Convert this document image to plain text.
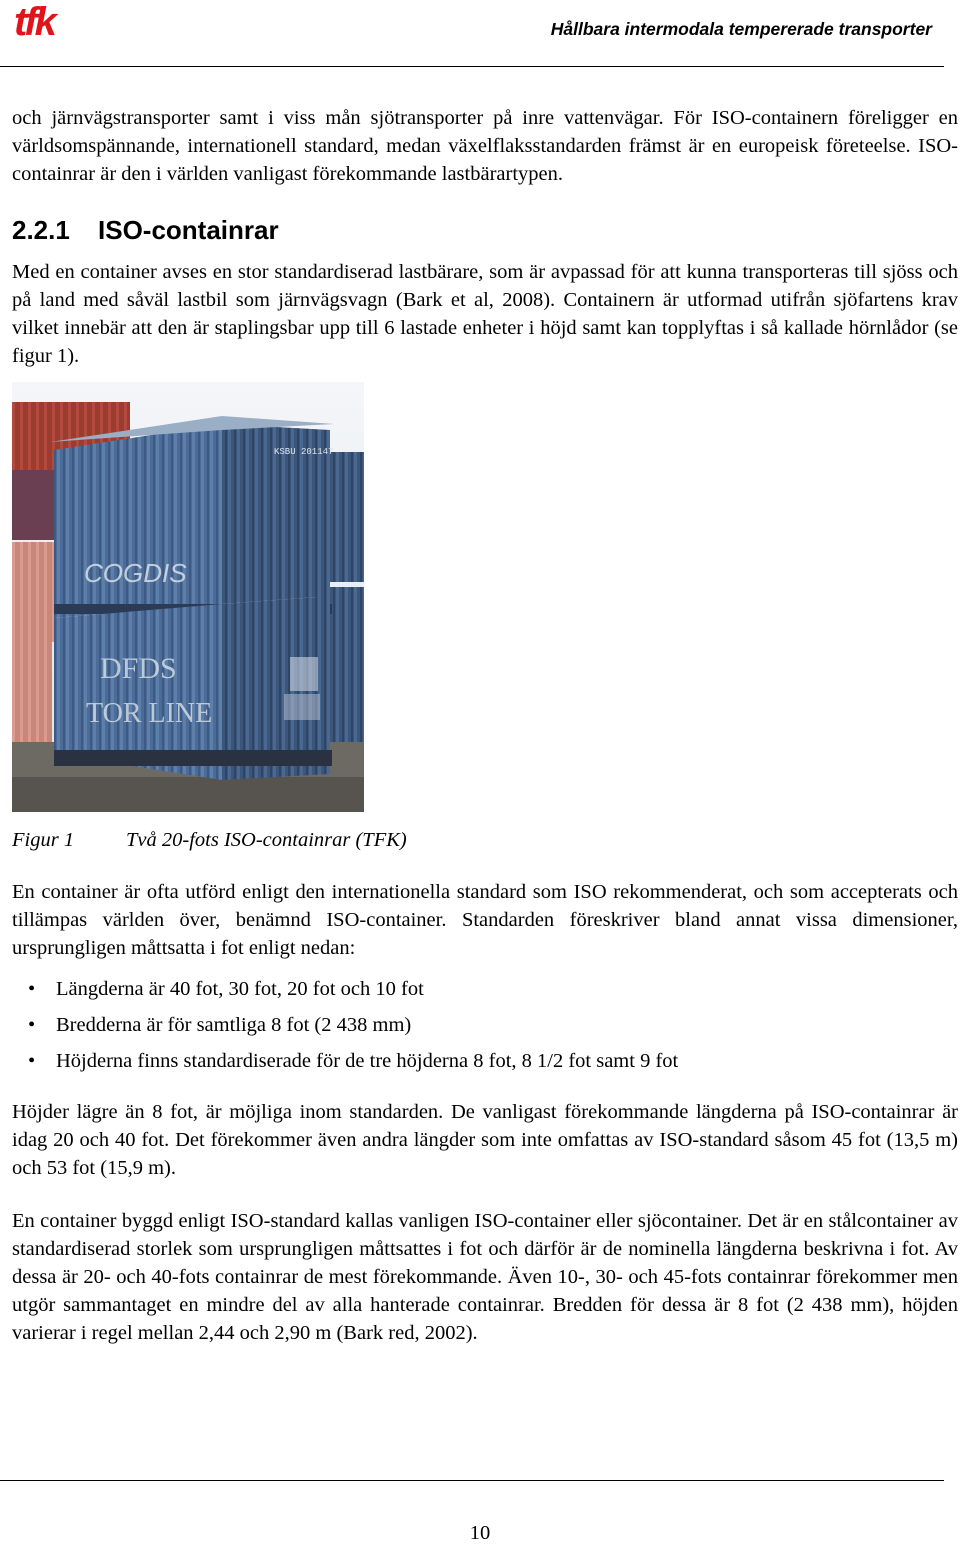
tfk	Hållbara intermodala tempererade transporter
och järnvägstransporter samt i viss mån sjötransporter på inre vattenvägar. För ISO-containern föreligger en världsomspännande, internationell standard, medan växelflaksstandarden främst är en europeisk företeelse. ISO-containrar är den i världen vanligast förekommande lastbärartypen.
2.2.1 ISO-containrar
Med en container avses en stor standardiserad lastbärare, som är avpassad för att kunna transporteras till sjöss och på land med såväl lastbil som järnvägsvagn (Bark et al, 2008). Containern är utformad utifrån sjöfartens krav vilket innebär att den är staplingsbar upp till 6 lastade enheter i höjd samt kan topplyftas i så kallade hörnlådor (se figur 1).
COGDIS
KSBU 201147
DFDS
TOR LINE
Figur 1	Två 20-fots ISO-containrar (TFK)
En container är ofta utförd enligt den internationella standard som ISO rekommenderat, och som accepterats och tillämpas världen över, benämnd ISO-container. Standarden föreskriver bland annat vissa dimensioner, ursprungligen måttsatta i fot enligt nedan:
• Längderna är 40 fot, 30 fot, 20 fot och 10 fot
• Bredderna är för samtliga 8 fot (2 438 mm)
• Höjderna finns standardiserade för de tre höjderna 8 fot, 8 1/2 fot samt 9 fot
Höjder lägre än 8 fot, är möjliga inom standarden. De vanligast förekommande längderna på ISO-containrar är idag 20 och 40 fot. Det förekommer även andra längder som inte omfattas av ISO-standard såsom 45 fot (13,5 m) och 53 fot (15,9 m).
En container byggd enligt ISO-standard kallas vanligen ISO-container eller sjöcontainer. Det är en stålcontainer av standardiserad storlek som ursprungligen måttsattes i fot och därför är de nominella längderna beskrivna i fot. Av dessa är 20- och 40-fots containrar de mest förekommande. Även 10-, 30- och 45-fots containrar förekommer men utgör sammantaget en mindre del av alla hanterade containrar. Bredden för dessa är 8 fot (2 438 mm), höjden varierar i regel mellan 2,44 och 2,90 m (Bark red, 2002).
10
